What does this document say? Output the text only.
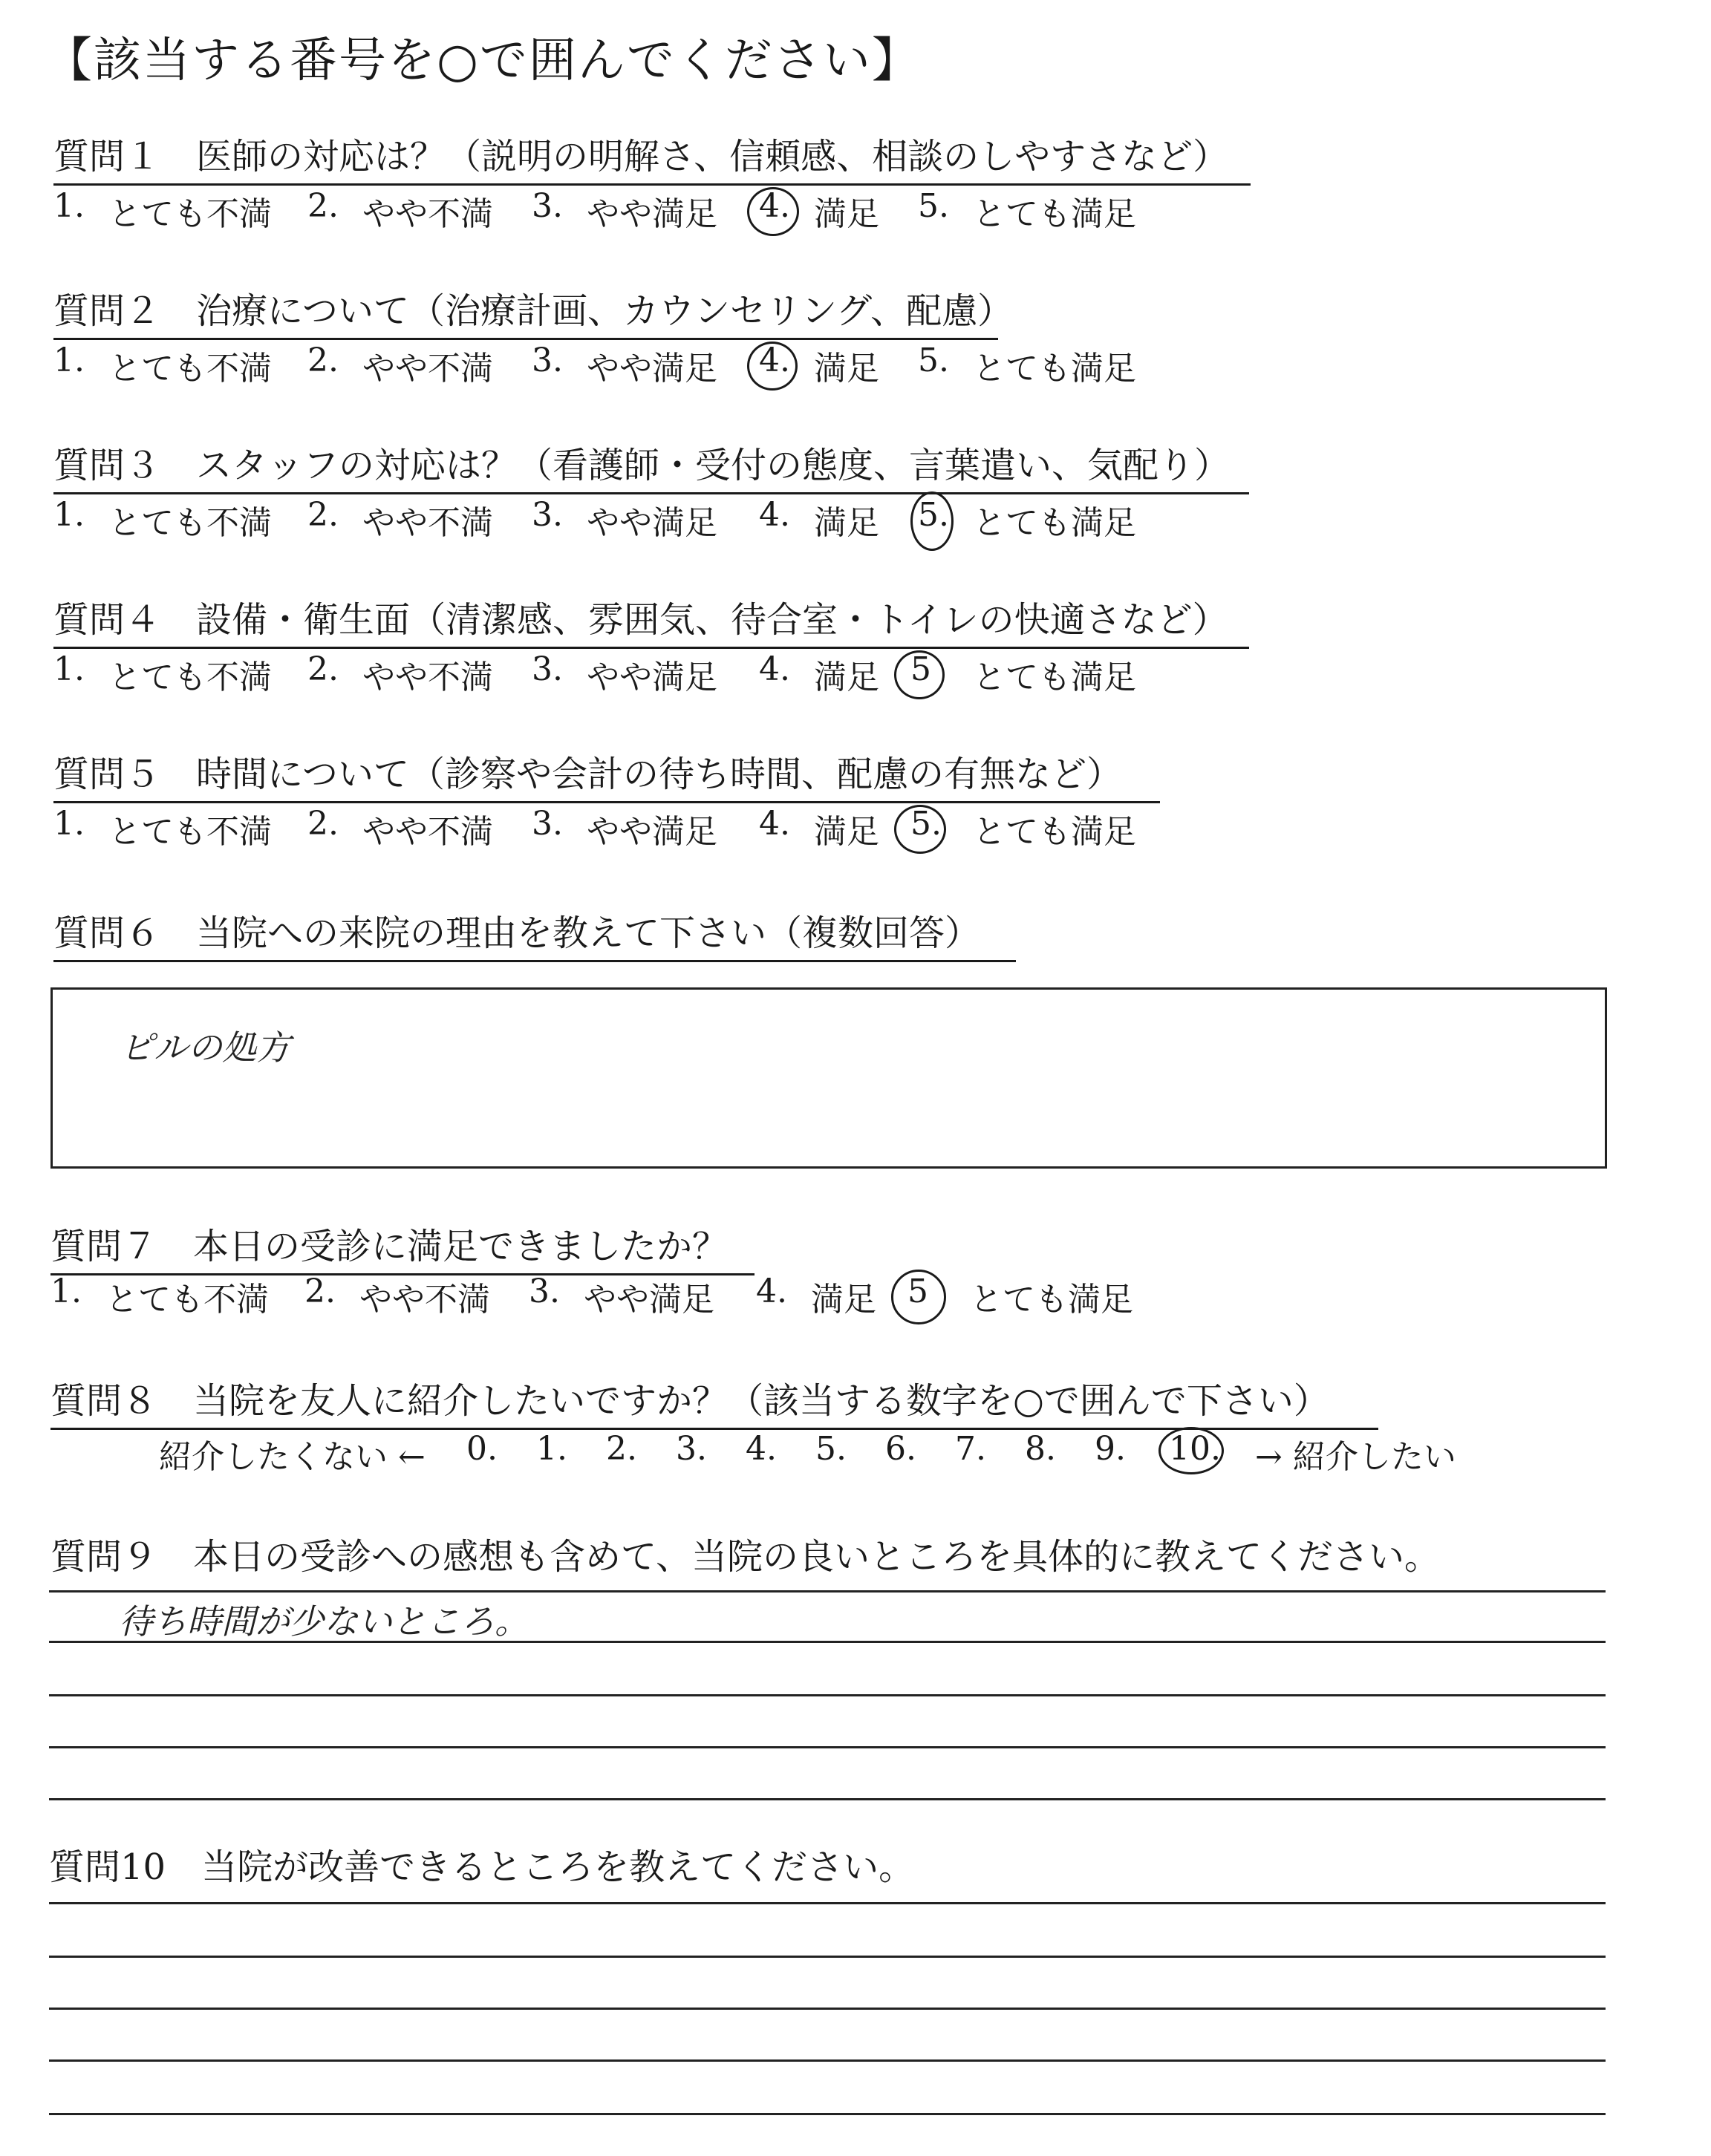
【該当する番号を○で囲んでください】
質問１　医師の対応は？（説明の明解さ、信頼感、相談のしやすさなど）
1. とても不満 2. やや不満 3. やや満足 4. 満足 5. とても満足
質問２　治療について（治療計画、カウンセリング、配慮）
1. とても不満 2. やや不満 3. やや満足 4. 満足 5. とても満足
質問３　スタッフの対応は？（看護師・受付の態度、言葉遣い、気配り）
1. とても不満 2. やや不満 3. やや満足 4. 満足 5. とても満足
質問４　設備・衛生面（清潔感、雰囲気、待合室・トイレの快適さなど）
1. とても不満 2. やや不満 3. やや満足 4. 満足 5 とても満足
質問５　時間について（診察や会計の待ち時間、配慮の有無など）
1. とても不満 2. やや不満 3. やや満足 4. 満足 5. とても満足
質問６　当院への来院の理由を教えて下さい（複数回答）
ピルの処方
質問７　本日の受診に満足できましたか？
1. とても不満 2. やや不満 3. やや満足 4. 満足 5 とても満足
質問８　当院を友人に紹介したいですか？（該当する数字を○で囲んで下さい）
紹介したくない ← 0. 1. 2. 3. 4. 5. 6. 7. 8. 9. 10. → 紹介したい
質問９　本日の受診への感想も含めて、当院の良いところを具体的に教えてください。
待ち時間が少ないところ。
質問10　当院が改善できるところを教えてください。
